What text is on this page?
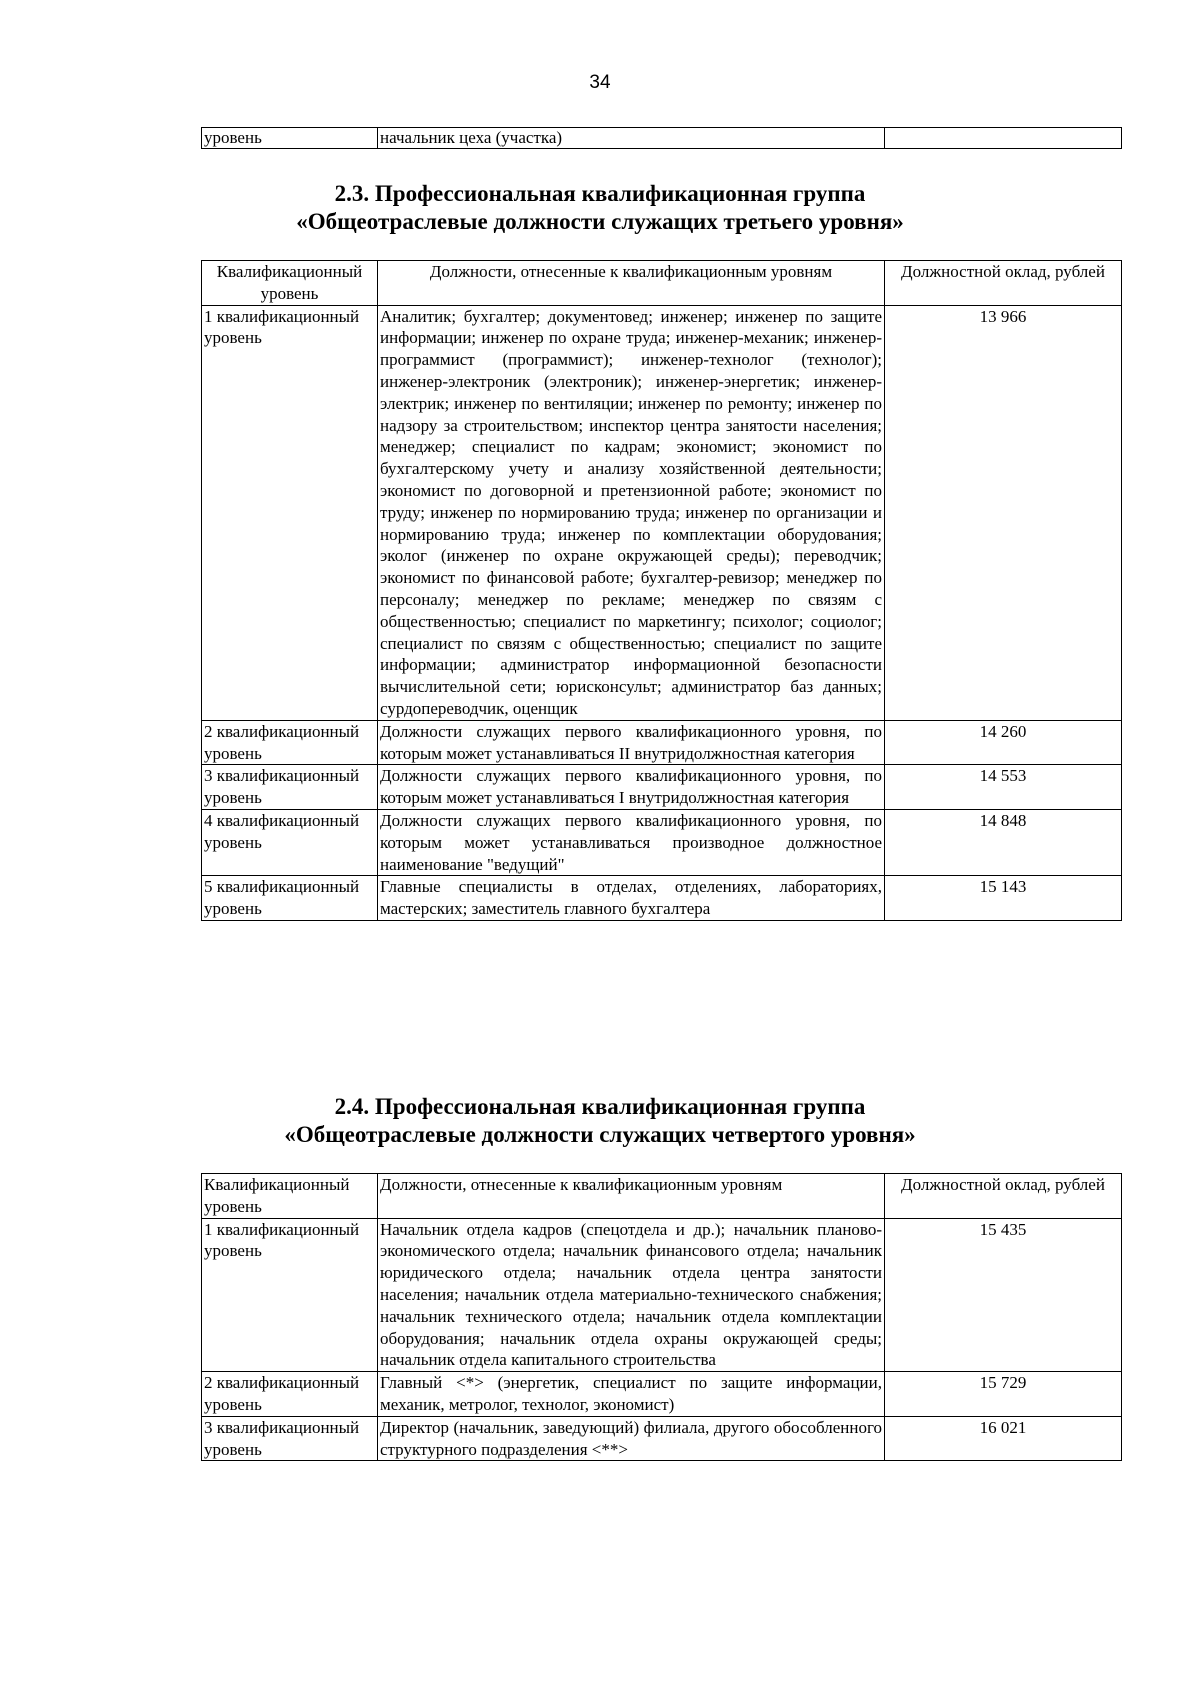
34
уровень	начальник цеха (участка)	
2.3. Профессиональная квалификационная группа
«Общеотраслевые должности служащих третьего уровня»
Квалификационный уровень	Должности, отнесенные к квалификационным уровням	Должностной оклад, рублей
1 квалификационный уровень	Аналитик; бухгалтер; документовед; инженер; инженер по защите информации; инженер по охране труда; инженер-механик; инженер-программист (программист); инженер-технолог (технолог); инженер-электроник (электроник); инженер-энергетик; инженер-электрик; инженер по вентиляции; инженер по ремонту; инженер по надзору за строительством; инспектор центра занятости населения; менеджер; специалист по кадрам; экономист; экономист по бухгалтерскому учету и анализу хозяйственной деятельности; экономист по договорной и претензионной работе; экономист по труду; инженер по нормированию труда; инженер по организации и нормированию труда; инженер по комплектации оборудования; эколог (инженер по охране окружающей среды); переводчик; экономист по финансовой работе; бухгалтер-ревизор; менеджер по персоналу; менеджер по рекламе; менеджер по связям с общественностью; специалист по маркетингу; психолог; социолог; специалист по связям с общественностью; специалист по защите информации; администратор информационной безопасности вычислительной сети; юрисконсульт; администратор баз данных; сурдопереводчик, оценщик	13 966
2 квалификационный уровень	Должности служащих первого квалификационного уровня, по которым может устанавливаться II внутридолжностная категория	14 260
3 квалификационный уровень	Должности служащих первого квалификационного уровня, по которым может устанавливаться I внутридолжностная категория	14 553
4 квалификационный уровень	Должности служащих первого квалификационного уровня, по которым может устанавливаться производное должностное наименование "ведущий"	14 848
5 квалификационный уровень	Главные специалисты в отделах, отделениях, лабораториях, мастерских; заместитель главного бухгалтера	15 143
2.4. Профессиональная квалификационная группа
«Общеотраслевые должности служащих четвертого уровня»
Квалификационный уровень	Должности, отнесенные к квалификационным уровням	Должностной оклад, рублей
1 квалификационный уровень	Начальник отдела кадров (спецотдела и др.); начальник планово-экономического отдела; начальник финансового отдела; начальник юридического отдела; начальник отдела центра занятости населения; начальник отдела материально-технического снабжения; начальник технического отдела; начальник отдела комплектации оборудования; начальник отдела охраны окружающей среды; начальник отдела капитального строительства	15 435
2 квалификационный уровень	Главный <*> (энергетик, специалист по защите информации, механик, метролог, технолог, экономист)	15 729
3 квалификационный уровень	Директор (начальник, заведующий) филиала, другого обособленного структурного подразделения <**>	16 021
